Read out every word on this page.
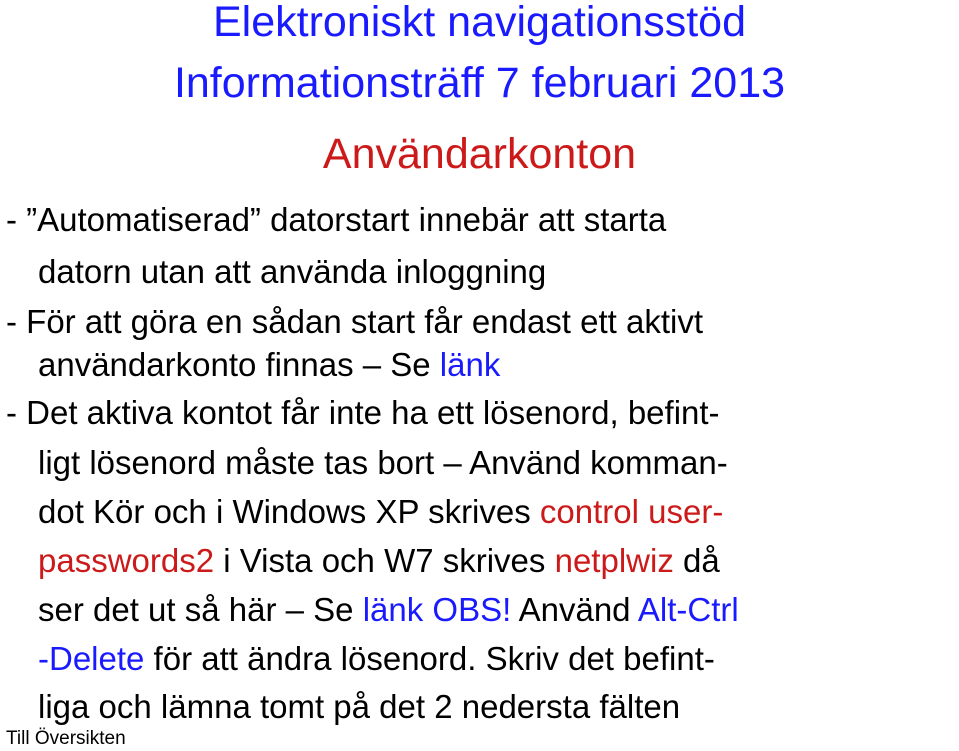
Elektroniskt navigationsstöd
Informationsträff 7 februari 2013
Användarkonton
- ”Automatiserad” datorstart innebär att starta
datorn utan att använda inloggning
- För att göra en sådan start får endast ett aktivt
användarkonto finnas – Se länk
- Det aktiva kontot får inte ha ett lösenord, befint-
ligt lösenord måste tas bort – Använd komman-
dot Kör och i Windows XP skrives control user-
passwords2 i Vista och W7 skrives netplwiz då
ser det ut så här – Se länk OBS! Använd Alt-Ctrl
-Delete för att ändra lösenord. Skriv det befint-
liga och lämna tomt på det 2 nedersta fälten
Till Översikten
